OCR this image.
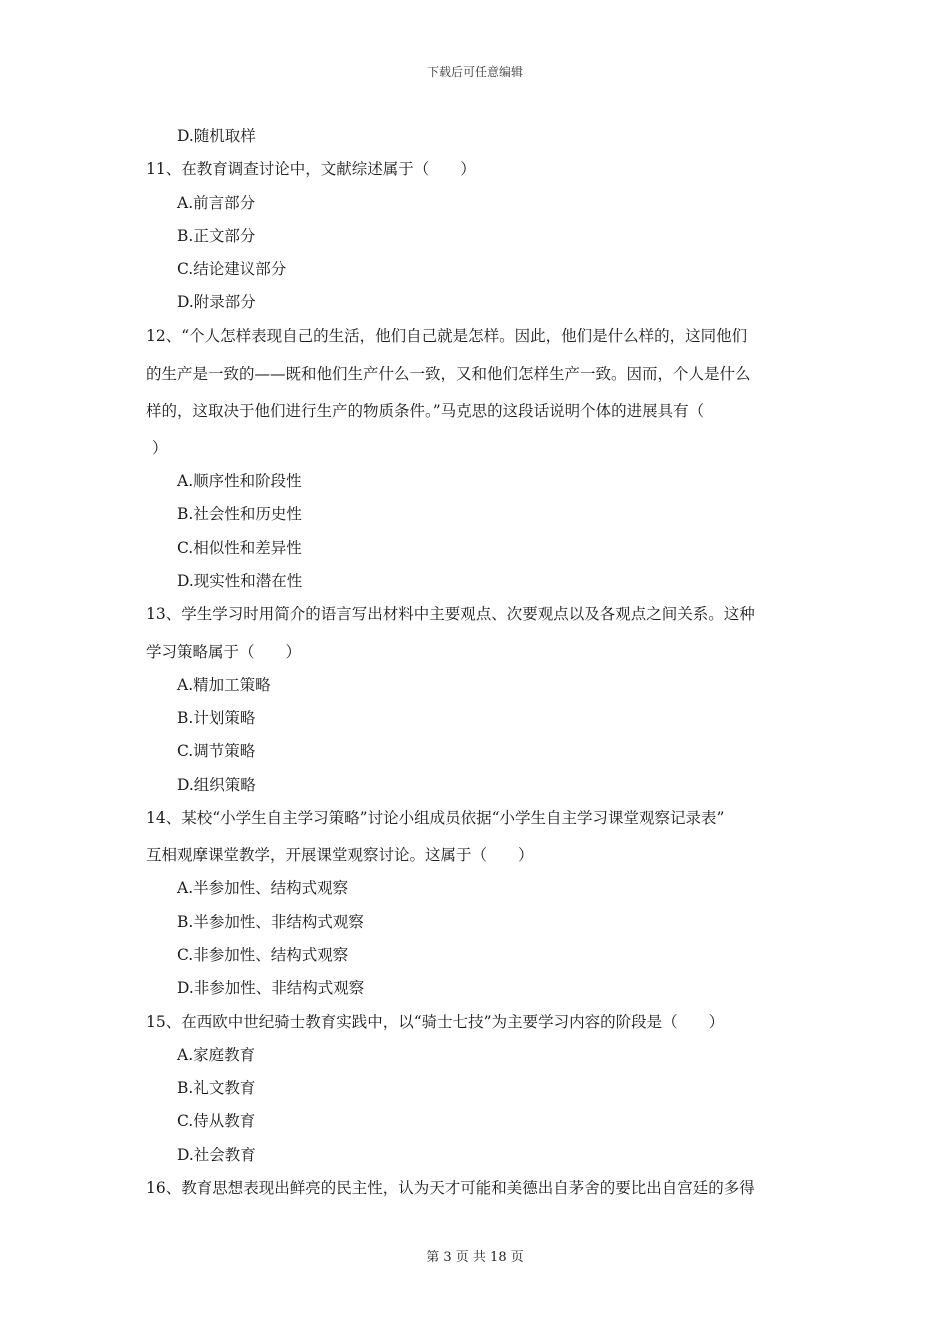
下载后可任意编辑
D.随机取样
11、在教育调查讨论中，文献综述属于（　　）
A.前言部分
B.正文部分
C.结论建议部分
D.附录部分
12、“个人怎样表现自己的生活，他们自己就是怎样。因此，他们是什么样的，这同他们
的生产是一致的——既和他们生产什么一致，又和他们怎样生产一致。因而，个人是什么
样的，这取决于他们进行生产的物质条件。”马克思的这段话说明个体的进展具有（
）
A.顺序性和阶段性
B.社会性和历史性
C.相似性和差异性
D.现实性和潜在性
13、学生学习时用简介的语言写出材料中主要观点、次要观点以及各观点之间关系。这种
学习策略属于（　　）
A.精加工策略
B.计划策略
C.调节策略
D.组织策略
14、某校“小学生自主学习策略”讨论小组成员依据“小学生自主学习课堂观察记录表”
互相观摩课堂教学，开展课堂观察讨论。这属于（　　）
A.半参加性、结构式观察
B.半参加性、非结构式观察
C.非参加性、结构式观察
D.非参加性、非结构式观察
15、在西欧中世纪骑士教育实践中，以“骑士七技”为主要学习内容的阶段是（　　）
A.家庭教育
B.礼文教育
C.侍从教育
D.社会教育
16、教育思想表现出鲜亮的民主性，认为天才可能和美德出自茅舍的要比出自宫廷的多得
第 3 页 共 18 页
